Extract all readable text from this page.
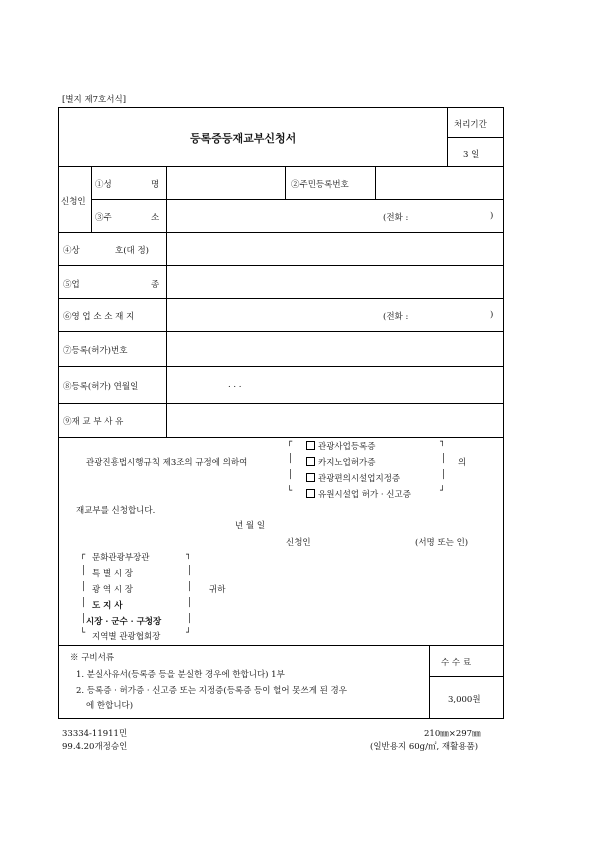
[별지 제7호서식]
등록증등재교부신청서
처리기간
3 일
신청인
①성	명	②주민등록번호
③주	소	(전화 :	)
④상	호(대 정)
⑤업	종
⑥영 업 소 소 재 지	(전화 :	)
⑦등록(허가)번호
⑧등록(허가) 연월일	. . .
⑨재 교 부 사 유
┌	┐
└	┘
│
│
│
│
관광진흥법시행규칙 제3조의 규정에 의하여
관광사업등록증
카지노업허가증
관광편의시설업지정증
유원시설업 허가 · 신고증
의
재교부를 신청합니다.
년 월 일
신청인	(서명 또는 인)
┌	┐
└	┘
│
│
│
│
│
│
│
│
문화관광부장관
특 별 시 장
광 역 시 장
도 지 사
시장 · 군수 · 구청장
지역별 관광협회장
귀하
※ 구비서류
1. 분실사유서(등록증 등을 분실한 경우에 한합니다) 1부
2. 등록증 · 허가증 · 신고증 또는 지정증(등록증 등이 헐어 못쓰게 된 경우
에 한합니다)
수 수 료
3,000원
33334-11911민
99.4.20개정승인
210㎜×297㎜
(일반용지 60g/㎡, 재활용품)
